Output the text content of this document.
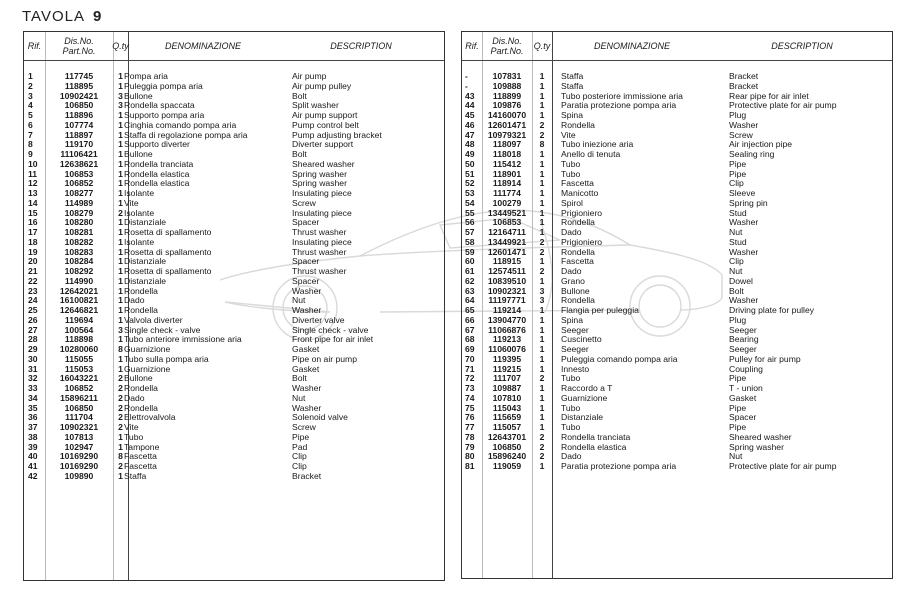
TAVOLA 9
Rif.	Dis.No.
Part.No. Q.ty	DENOMINAZIONE	DESCRIPTION
1	117745	1 Pompa aria	Air pump
2	118895	1 Puleggia pompa aria	Air pump pulley
3	10902421	3 Bullone	Bolt
4	106850	3 Rondella spaccata	Split washer
5	118896	1 Supporto pompa aria	Air pump support
6	107774	1 Cinghia comando pompa aria	Pump control belt
7	118897	1 Staffa di regolazione pompa aria	Pump adjusting bracket
8	119170	1 Supporto diverter	Diverter support
9	11106421	1 Bullone	Bolt
10	12638621	1 Rondella tranciata	Sheared washer
11	106853	1 Rondella elastica	Spring washer
12	106852	1 Rondella elastica	Spring washer
13	108277	1 Isolante	Insulating piece
14	114989	1 Vite	Screw
15	108279	2 Isolante	Insulating piece
16	108280	1 Distanziale	Spacer
17	108281	1 Rosetta di spallamento	Thrust washer
18	108282	1 Isolante	Insulating piece
19	108283	1 Rosetta di spallamento	Thrust washer
20	108284	1 Distanziale	Spacer
21	108292	1 Rosetta di spallamento	Thrust washer
22	114990	1 Distanziale	Spacer
23	12642021	1 Rondella	Washer
24	16100821	1 Dado	Nut
25	12646821	1 Rondella	Washer
26	119694	1 Valvola diverter	Diverter valve
27	100564	3 Single check - valve	Single check - valve
28	118898	1 Tubo anteriore immissione aria	Front pipe for air inlet
29	10280060	8 Guarnizione	Gasket
30	115055	1 Tubo sulla pompa aria	Pipe on air pump
31	115053	1 Guarnizione	Gasket
32	16043221	2 Bullone	Bolt
33	106852	2 Rondella	Washer
34	15896211	2 Dado	Nut
35	106850	2 Rondella	Washer
36	111704	2 Elettrovalvola	Solenoid valve
37	10902321	2 Vite	Screw
38	107813	1 Tubo	Pipe
39	102947	1 Tampone	Pad
40	10169290	8 Fascetta	Clip
41	10169290	2 Fascetta	Clip
42	109890	1 Staffa	Bracket
Rif.	Dis.No.
Part.No. Q.ty	DENOMINAZIONE	DESCRIPTION
-	107831	1	Staffa	Bracket
-	109888	1	Staffa	Bracket
43	118899	1	Tubo posteriore immissione aria	Rear pipe for air inlet
44	109876	1	Paratia protezione pompa aria	Protective plate for air pump
45	14160070	1	Spina	Plug
46	12601471	2	Rondella	Washer
47	10979321	2	Vite	Screw
48	118097	8	Tubo iniezione aria	Air injection pipe
49	118018	1	Anello di tenuta	Sealing ring
50	115412	1	Tubo	Pipe
51	118901	1	Tubo	Pipe
52	118914	1	Fascetta	Clip
53	111774	1	Manicotto	Sleeve
54	100279	1	Spirol	Spring pin
55	13449521	1	Prigioniero	Stud
56	106853	1	Rondella	Washer
57	12164711	1	Dado	Nut
58	13449921	2	Prigioniero	Stud
59	12601471	2	Rondella	Washer
60	118915	1	Fascetta	Clip
61	12574511	2	Dado	Nut
62	10839510	1	Grano	Dowel
63	10902321	3	Bullone	Bolt
64	11197771	3	Rondella	Washer
65	119214	1	Flangia per puleggia	Driving plate for pulley
66	13904770	1	Spina	Plug
67	11066876	1	Seeger	Seeger
68	119213	1	Cuscinetto	Bearing
69	11060076	1	Seeger	Seeger
70	119395	1	Puleggia comando pompa aria	Pulley for air pump
71	119215	1	Innesto	Coupling
72	111707	2	Tubo	Pipe
73	109887	1	Raccordo a T	T - union
74	107810	1	Guarnizione	Gasket
75	115043	1	Tubo	Pipe
76	115659	1	Distanziale	Spacer
77	115057	1	Tubo	Pipe
78	12643701	2	Rondella tranciata	Sheared washer
79	106850	2	Rondella elastica	Spring washer
80	15896240	2	Dado	Nut
81	119059	1	Paratia protezione pompa aria	Protective plate for air pump
